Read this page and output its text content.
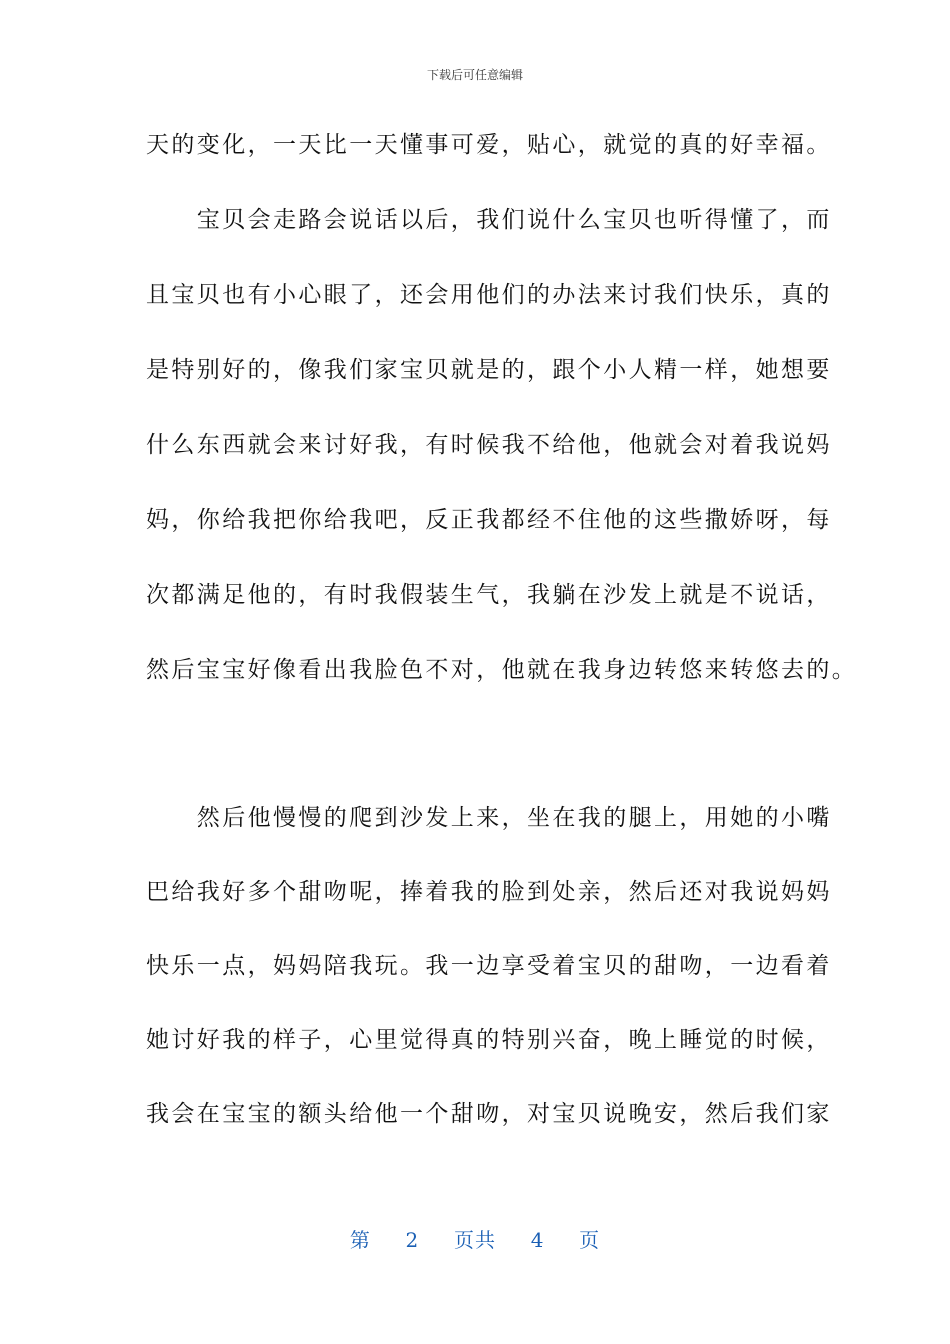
下载后可任意编辑
天的变化，一天比一天懂事可爱，贴心，就觉的真的好幸福。
　　宝贝会走路会说话以后，我们说什么宝贝也听得懂了，而
且宝贝也有小心眼了，还会用他们的办法来讨我们快乐，真的
是特别好的，像我们家宝贝就是的，跟个小人精一样，她想要
什么东西就会来讨好我，有时候我不给他，他就会对着我说妈
妈，你给我把你给我吧，反正我都经不住他的这些撒娇呀，每
次都满足他的，有时我假装生气，我躺在沙发上就是不说话，
然后宝宝好像看出我脸色不对，他就在我身边转悠来转悠去的。
　　然后他慢慢的爬到沙发上来，坐在我的腿上，用她的小嘴
巴给我好多个甜吻呢，捧着我的脸到处亲，然后还对我说妈妈
快乐一点，妈妈陪我玩。我一边享受着宝贝的甜吻，一边看着
她讨好我的样子，心里觉得真的特别兴奋，晚上睡觉的时候，
我会在宝宝的额头给他一个甜吻，对宝贝说晚安，然后我们家
第 2 页共 4 页
